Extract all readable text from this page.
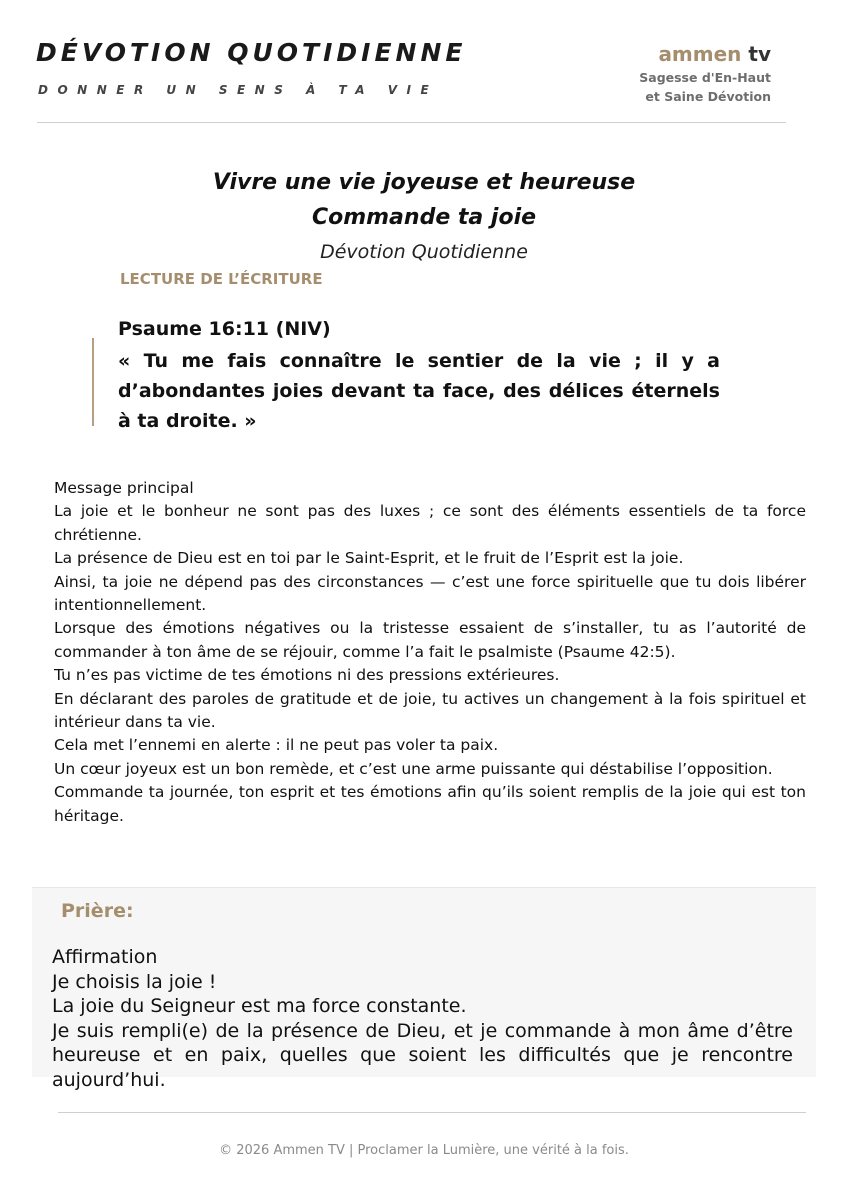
DÉVOTION QUOTIDIENNE
DONNER UN SENS À TA VIE
ammen tv
Sagesse d'En-Haut
et Saine Dévotion
Vivre une vie joyeuse et heureuse
Commande ta joie
Dévotion Quotidienne
LECTURE DE L’ÉCRITURE
Psaume 16:11 (NIV)
« Tu me fais connaître le sentier de la vie ; il y a d’abondantes joies devant ta face, des délices éternels à ta droite. »

Message principal

La joie et le bonheur ne sont pas des luxes ; ce sont des éléments essentiels de ta force chrétienne.

La présence de Dieu est en toi par le Saint-Esprit, et le fruit de l’Esprit est la joie.

Ainsi, ta joie ne dépend pas des circonstances — c’est une force spirituelle que tu dois libérer intentionnellement.

Lorsque des émotions négatives ou la tristesse essaient de s’installer, tu as l’autorité de commander à ton âme de se réjouir, comme l’a fait le psalmiste (Psaume 42:5).

Tu n’es pas victime de tes émotions ni des pressions extérieures.

En déclarant des paroles de gratitude et de joie, tu actives un changement à la fois spirituel et intérieur dans ta vie.

Cela met l’ennemi en alerte : il ne peut pas voler ta paix.

Un cœur joyeux est un bon remède, et c’est une arme puissante qui déstabilise l’opposition.

Commande ta journée, ton esprit et tes émotions afin qu’ils soient remplis de la joie qui est ton héritage.

Prière:

Affirmation

Je choisis la joie !

La joie du Seigneur est ma force constante.

Je suis rempli(e) de la présence de Dieu, et je commande à mon âme d’être heureuse et en paix, quelles que soient les difficultés que je rencontre aujourd’hui.

© 2026 Ammen TV | Proclamer la Lumière, une vérité à la fois.
